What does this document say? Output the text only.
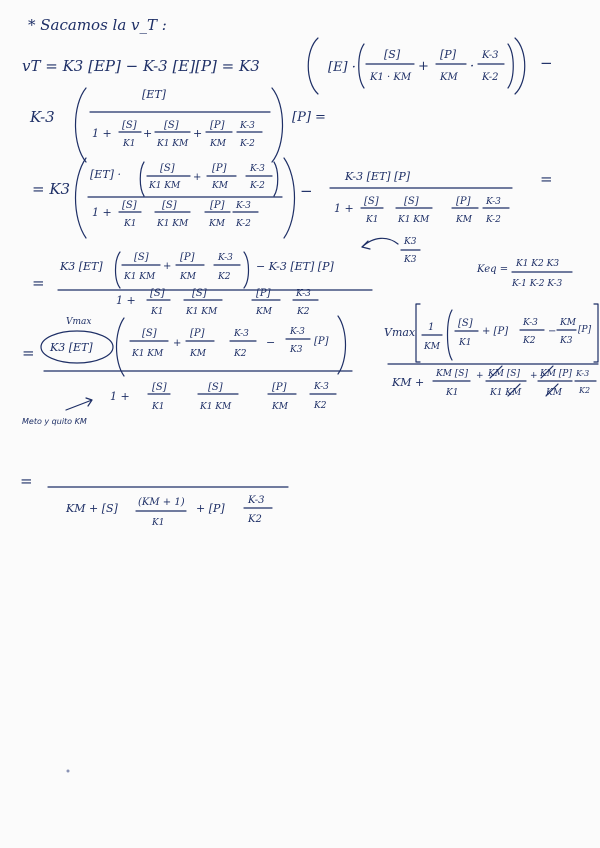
* Sacamos la v_T :
vT = K3 [EP] − K-3 [E][P] = K3	[E] ·
[S]
K1 · KM
+
[P]
KM
·
K-3
K-2
−
K-3
[ET]
1 +
[S]
K1
+
[S]
K1 KM
+
[P]
KM
K-3
K-2
[P] =
= K3
[ET] ·	[S]
K1 KM
+
[P]
KM
K-3
K-2
1 +
[S]
K1
[S]
K1 KM
[P]
KM
K-3
K-2
−
K-3 [ET] [P]
1 +
[S]
K1
[S]
K1 KM
[P]
KM
K-3
K-2
=
=
K3 [ET]
[S]
K1 KM
+
[P]
KM
K-3
K2
− K-3 [ET] [P]
K3
K3
Keq = K1 K2 K3
K-1 K-2 K-3
1 +
[S]
K1
[S]
K1 KM
[P]
KM
K-3
K2
Vmax
= K3 [ET]
[S]
K1 KM
+
[P]
KM
K-3
K2
−
K-3
K3
[P]
1 +
[S]
K1
[S]
K1 KM
[P]
KM
K-3
K2
Meto y quito KM
Vmax 1
KM
[S]
K1
+ [P]
K-3
K2
−
KM
K3
[P]
KM +
KM [S]
K1
+ KM [S]
K1 KM
+ KM [P]
KM
K-3
K2
=
KM + [S] (KM + 1)
K1
+ [P]
K-3
K2
